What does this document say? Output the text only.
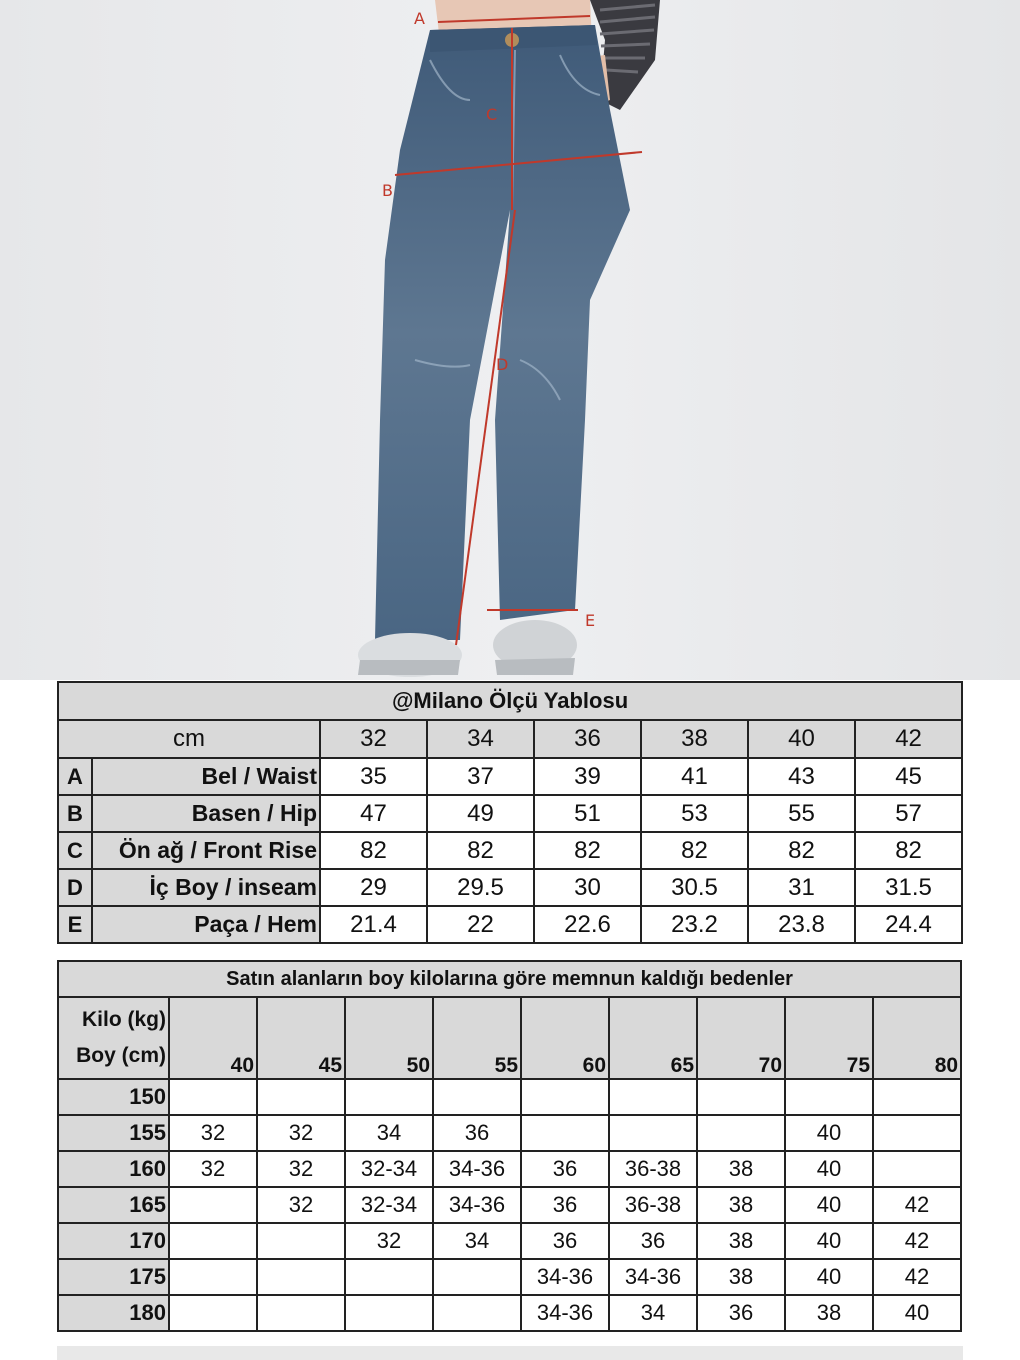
A
B
C
D
E
@Milano Ölçü Yablosu							
cm		32	34	36	38	40	42
A	Bel / Waist	35	37	39	41	43	45
B	Basen / Hip	47	49	51	53	55	57
C	Ön ağ / Front Rise	82	82	82	82	82	82
D	İç Boy / inseam	29	29.5	30	30.5	31	31.5
E	Paça / Hem	21.4	22	22.6	23.2	23.8	24.4
Satın alanların boy kilolarına göre memnun kaldığı bedenler									

Kilo (kg)
Boy (cm)	40	45	50	55	60	65	70	75	80
150									
155	32	32	34	36				40	
160	32	32	32-34	34-36	36	36-38	38	40	
165		32	32-34	34-36	36	36-38	38	40	42
170			32	34	36	36	38	40	42
175					34-36	34-36	38	40	42
180					34-36	34	36	38	40
